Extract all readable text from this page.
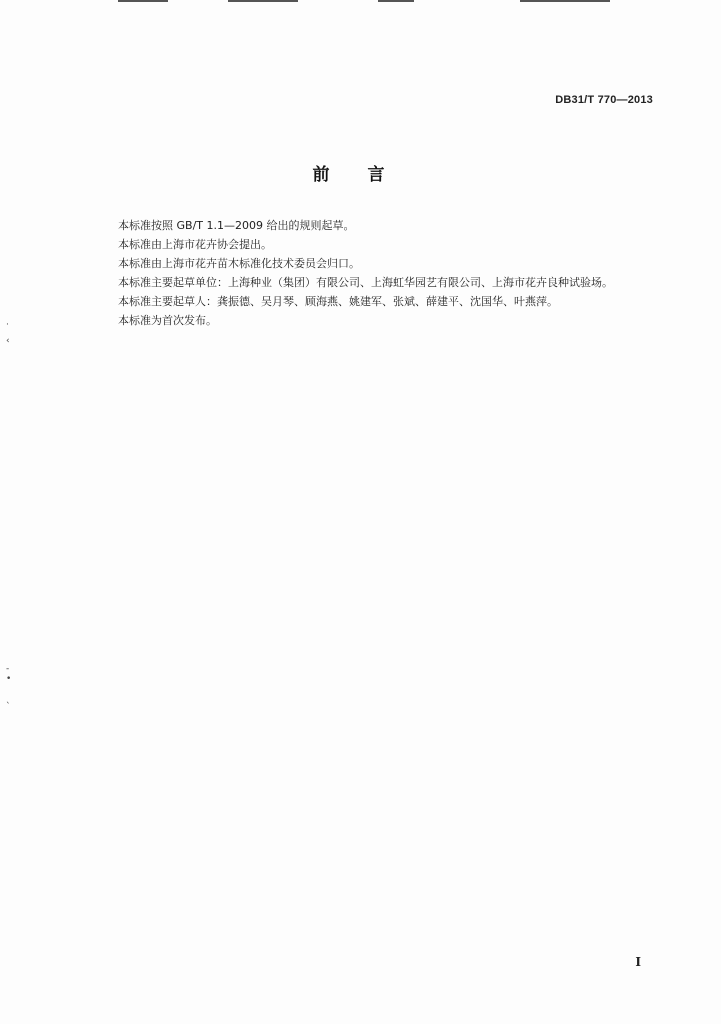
DB31/T 770—2013
前言
本标准按照 GB/T 1.1—2009 给出的规则起草。
本标准由上海市花卉协会提出。
本标准由上海市花卉苗木标准化技术委员会归口。
本标准主要起草单位：上海种业（集团）有限公司、上海虹华园艺有限公司、上海市花卉良种试验场。
本标准主要起草人：龚振德、吴月琴、顾海燕、姚建军、张斌、薛建平、沈国华、叶燕萍。
本标准为首次发布。
·
‹
-
•
`
I
